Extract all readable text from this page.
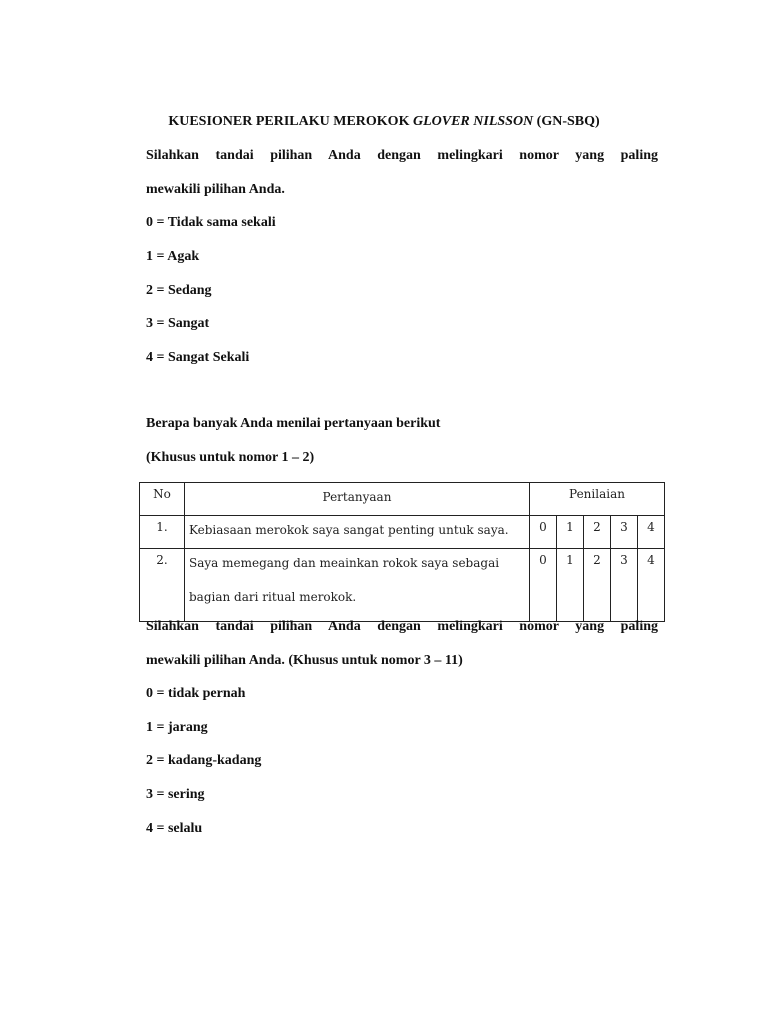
KUESIONER PERILAKU MEROKOK GLOVER NILSSON (GN-SBQ)
Silahkan tandai pilihan Anda dengan melingkari nomor yang paling
mewakili pilihan Anda.
0 = Tidak sama sekali
1 = Agak
2 = Sedang
3 = Sangat
4 = Sangat Sekali
Berapa banyak Anda menilai pertanyaan berikut
(Khusus untuk nomor 1 – 2)
No	Pertanyaan	Penilaian				
1.	Kebiasaan merokok saya sangat penting untuk saya.	0	1	2	3	4
2.	Saya memegang dan meainkan rokok saya sebagai
bagian dari ritual merokok.	0	1	2	3	4
Silahkan tandai pilihan Anda dengan melingkari nomor yang paling
mewakili pilihan Anda. (Khusus untuk nomor 3 – 11)
0 = tidak pernah
1 = jarang
2 = kadang-kadang
3 = sering
4 = selalu
